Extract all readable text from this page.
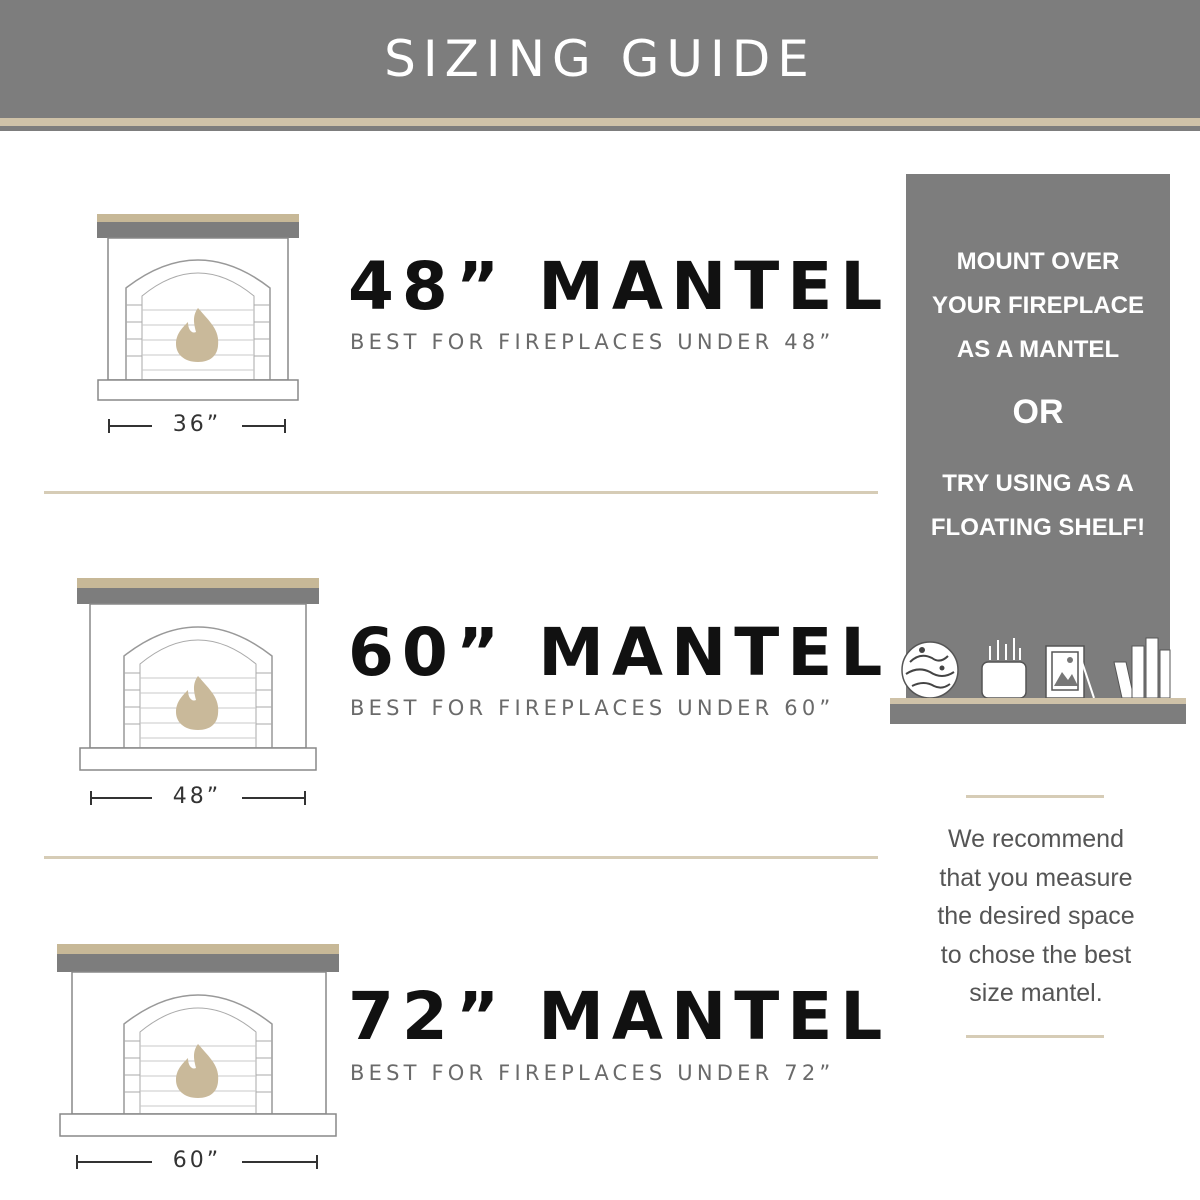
SIZING GUIDE
36”
48” MANTEL
BEST FOR FIREPLACES UNDER 48”
48”
60” MANTEL
BEST FOR FIREPLACES UNDER 60”
60”
72” MANTEL
BEST FOR FIREPLACES UNDER 72”
MOUNT OVER
YOUR FIREPLACE
AS A MANTEL
OR
TRY USING AS A
FLOATING SHELF!
We recommend
that you measure
the desired space
to chose the best
size mantel.
